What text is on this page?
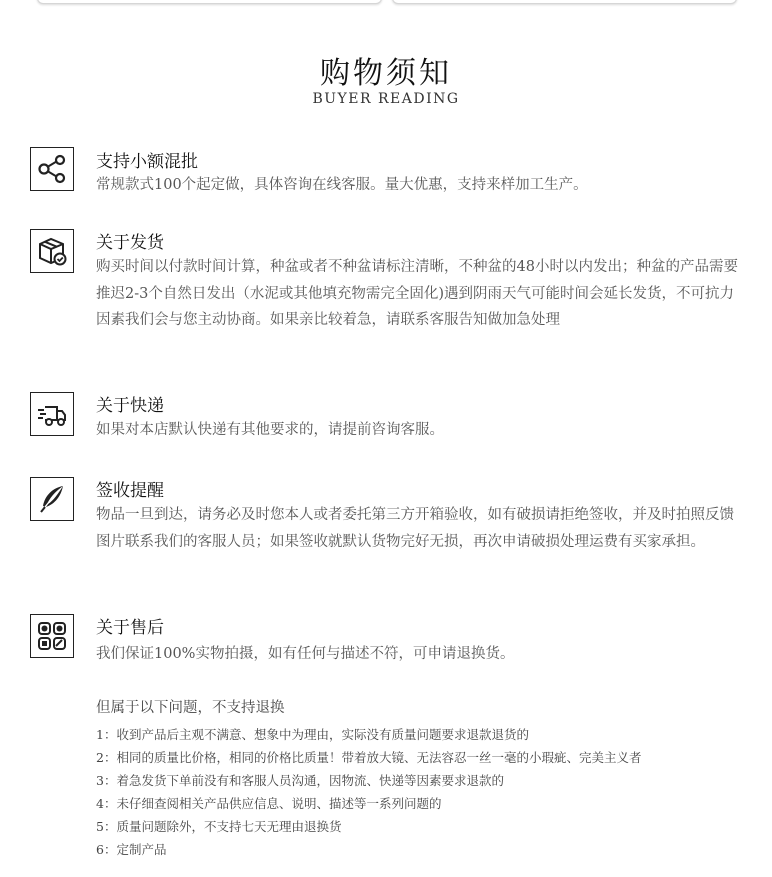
购物须知
BUYER READING
支持小额混批
常规款式100个起定做，具体咨询在线客服。量大优惠，支持来样加工生产。
关于发货
购买时间以付款时间计算，种盆或者不种盆请标注清晰，不种盆的48小时以内发出；种盆的产品需要推迟2-3个自然日发出（水泥或其他填充物需完全固化)遇到阴雨天气可能时间会延长发货，不可抗力因素我们会与您主动协商。如果亲比较着急，请联系客服告知做加急处理
关于快递
如果对本店默认快递有其他要求的，请提前咨询客服。
签收提醒
物品一旦到达，请务必及时您本人或者委托第三方开箱验收，如有破损请拒绝签收，并及时拍照反馈图片联系我们的客服人员；如果签收就默认货物完好无损，再次申请破损处理运费有买家承担。
关于售后
我们保证100%实物拍摄，如有任何与描述不符，可申请退换货。
但属于以下问题，不支持退换
1：收到产品后主观不满意、想象中为理由，实际没有质量问题要求退款退货的
2：相同的质量比价格，相同的价格比质量！带着放大镜、无法容忍一丝一毫的小瑕疵、完美主义者
3：着急发货下单前没有和客服人员沟通，因物流、快递等因素要求退款的
4：未仔细查阅相关产品供应信息、说明、描述等一系列问题的
5：质量问题除外，不支持七天无理由退换货
6：定制产品
